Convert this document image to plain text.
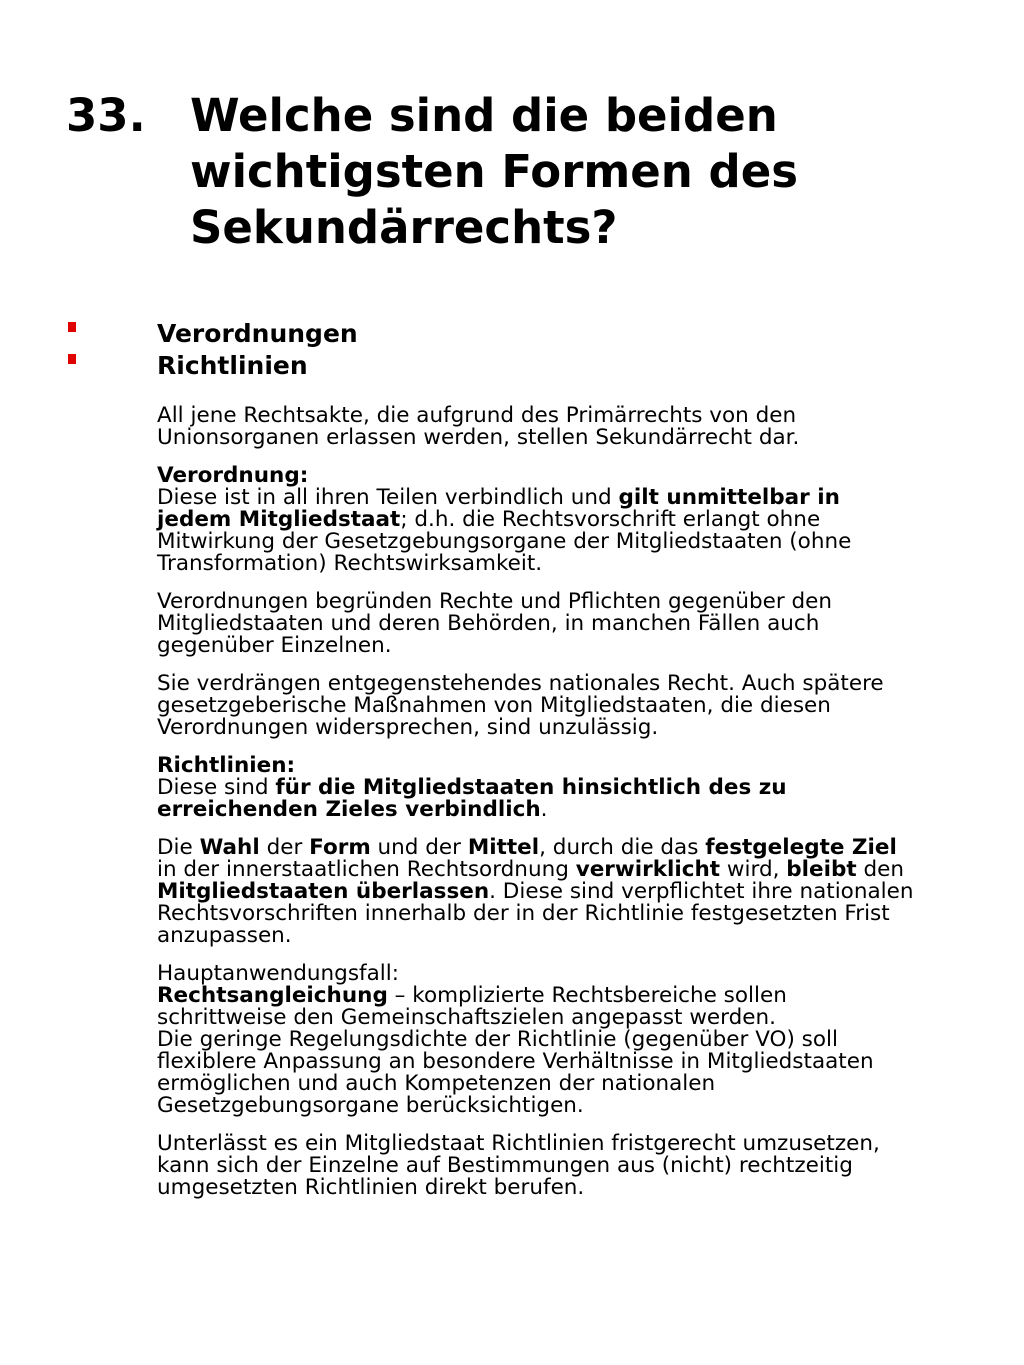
33. Welche sind die beiden
wichtigsten Formen des
Sekundärrechts?
Verordnungen
Richtlinien
All jene Rechtsakte, die aufgrund des Primärrechts von den
Unionsorganen erlassen werden, stellen Sekundärrecht dar.
Verordnung:
Diese ist in all ihren Teilen verbindlich und gilt unmittelbar in
jedem Mitgliedstaat; d.h. die Rechtsvorschrift erlangt ohne
Mitwirkung der Gesetzgebungsorgane der Mitgliedstaaten (ohne
Transformation) Rechtswirksamkeit.
Verordnungen begründen Rechte und Pflichten gegenüber den
Mitgliedstaaten und deren Behörden, in manchen Fällen auch
gegenüber Einzelnen.
Sie verdrängen entgegenstehendes nationales Recht. Auch spätere
gesetzgeberische Maßnahmen von Mitgliedstaaten, die diesen
Verordnungen widersprechen, sind unzulässig.
Richtlinien:
Diese sind für die Mitgliedstaaten hinsichtlich des zu
erreichenden Zieles verbindlich.
Die Wahl der Form und der Mittel, durch die das festgelegte Ziel
in der innerstaatlichen Rechtsordnung verwirklicht wird, bleibt den
Mitgliedstaaten überlassen. Diese sind verpflichtet ihre nationalen
Rechtsvorschriften innerhalb der in der Richtlinie festgesetzten Frist
anzupassen.
Hauptanwendungsfall:
Rechtsangleichung – komplizierte Rechtsbereiche sollen
schrittweise den Gemeinschaftszielen angepasst werden.
Die geringe Regelungsdichte der Richtlinie (gegenüber VO) soll
flexiblere Anpassung an besondere Verhältnisse in Mitgliedstaaten
ermöglichen und auch Kompetenzen der nationalen
Gesetzgebungsorgane berücksichtigen.
Unterlässt es ein Mitgliedstaat Richtlinien fristgerecht umzusetzen,
kann sich der Einzelne auf Bestimmungen aus (nicht) rechtzeitig
umgesetzten Richtlinien direkt berufen.
